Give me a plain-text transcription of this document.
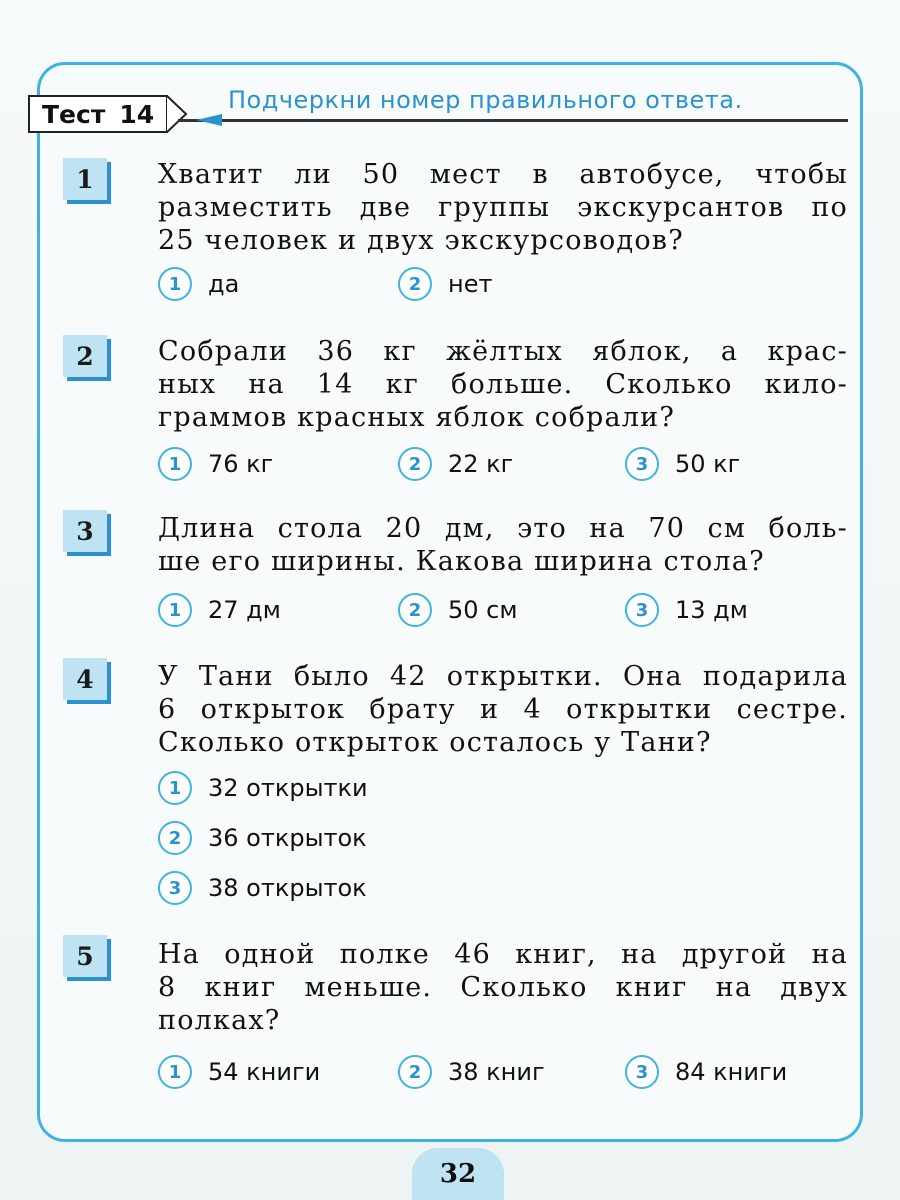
Тест 14	Подчеркни номер правильного ответа.
1	Хватит ли 50 мест в автобусе, чтобы
разместить две группы экскурсантов по
25 человек и двух экскурсоводов?
1	да	2	нет
2	Собрали 36 кг жёлтых яблок, а крас-
ных на 14 кг больше. Сколько кило-
граммов красных яблок собрали?
1	76 кг	2	22 кг	3	50 кг
3	Длина стола 20 дм, это на 70 см боль-
ше его ширины. Какова ширина стола?
1	27 дм	2	50 см	3	13 дм
4	У Тани было 42 открытки. Она подарила
6 открыток брату и 4 открытки сестре.
Сколько открыток осталось у Тани?
1	32 открытки
2	36 открыток
3	38 открыток
5	На одной полке 46 книг, на другой на
8 книг меньше. Сколько книг на двух
полках?
1	54 книги	2	38 книг	3	84 книги
32
